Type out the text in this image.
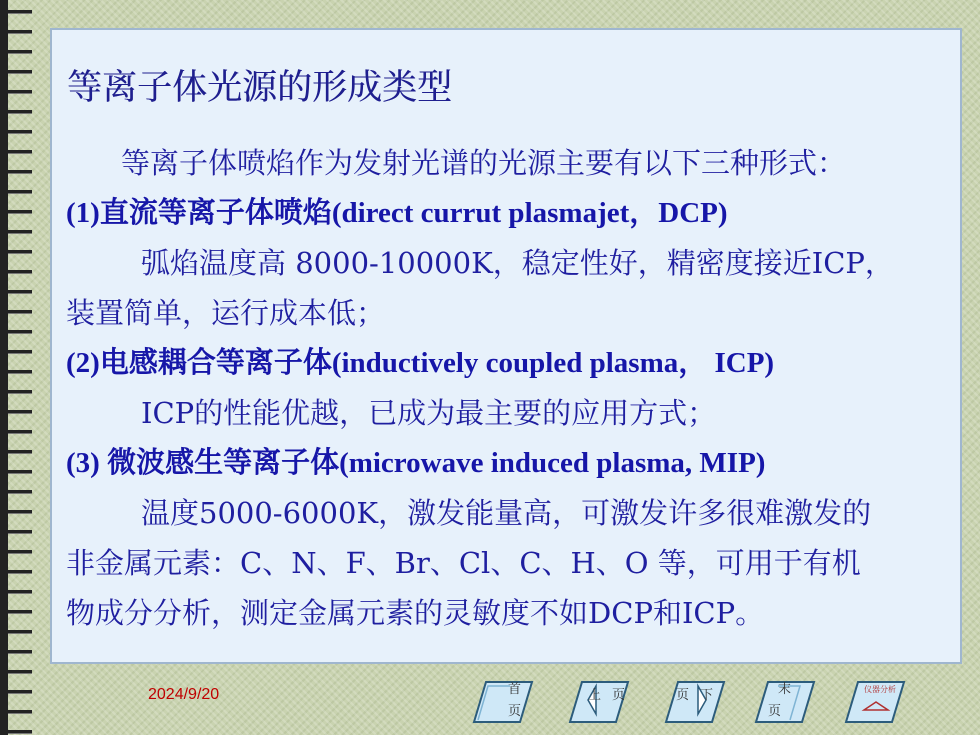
等离子体光源的形成类型
等离子体喷焰作为发射光谱的光源主要有以下三种形式：
(1)直流等离子体喷焰(direct currut plasmajet，DCP)
弧焰温度高 8000-10000K，稳定性好，精密度接近ICP，
装置简单，运行成本低；
(2)电感耦合等离子体(inductively coupled plasma， ICP)
ICP的性能优越，已成为最主要的应用方式；
(3) 微波感生等离子体(microwave induced plasma, MIP)
温度5000-6000K，激发能量高，可激发许多很难激发的
非金属元素：C、N、F、Br、Cl、C、H、O 等，可用于有机
物成分分析，测定金属元素的灵敏度不如DCP和ICP。
2024/9/20	首
页
上 页	页 下	末
页
仪器分析
